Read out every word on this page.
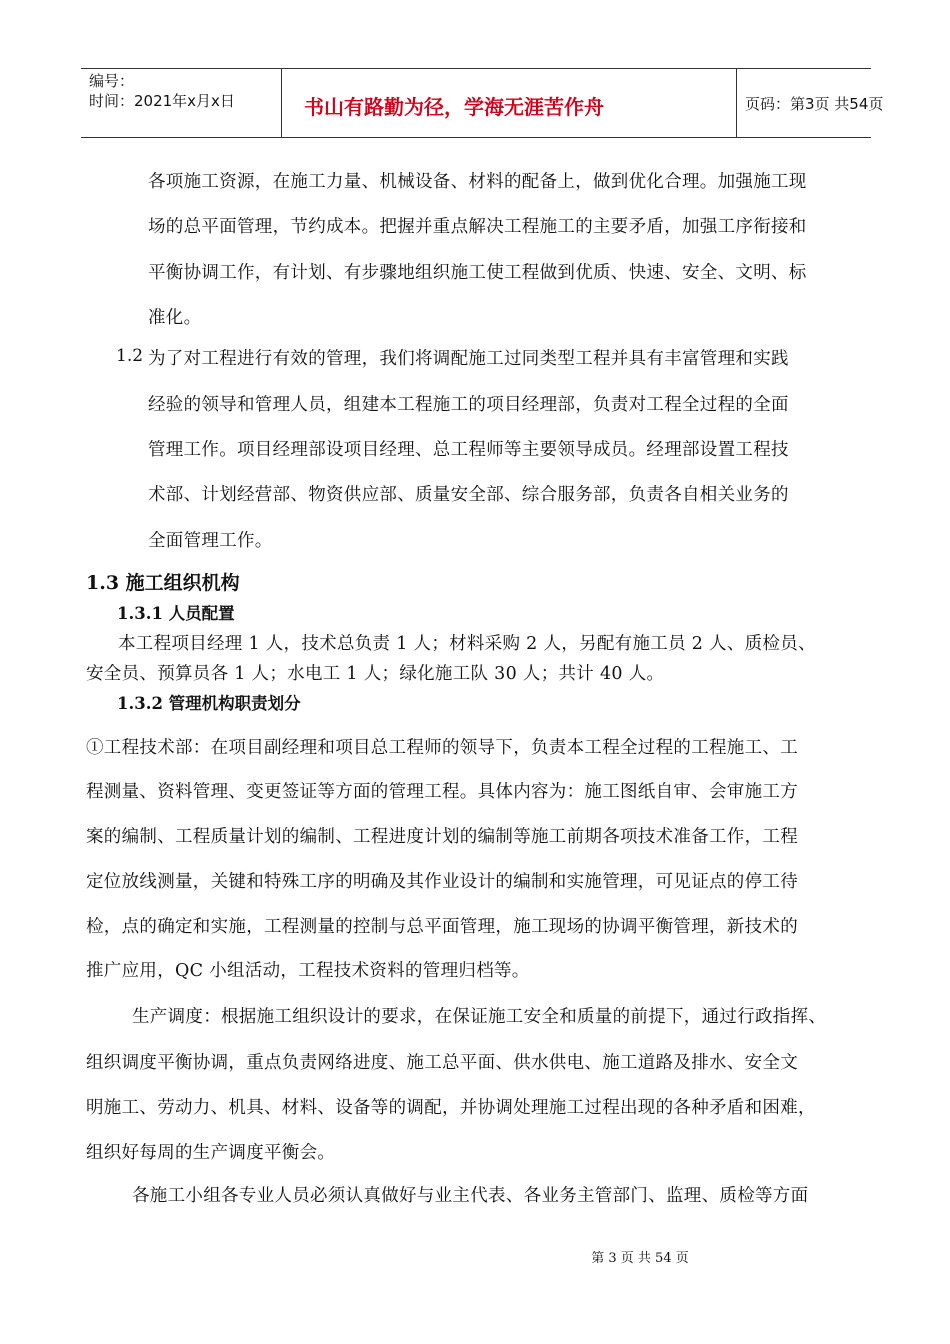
编号：
时间：2021年x月x日	书山有路勤为径，学海无涯苦作舟	页码：第3页 共54页
各项施工资源，在施工力量、机械设备、材料的配备上，做到优化合理。加强施工现
场的总平面管理，节约成本。把握并重点解决工程施工的主要矛盾，加强工序衔接和
平衡协调工作，有计划、有步骤地组织施工使工程做到优质、快速、安全、文明、标
准化。
1.2 为了对工程进行有效的管理，我们将调配施工过同类型工程并具有丰富管理和实践
经验的领导和管理人员，组建本工程施工的项目经理部，负责对工程全过程的全面
管理工作。项目经理部设项目经理、总工程师等主要领导成员。经理部设置工程技
术部、计划经营部、物资供应部、质量安全部、综合服务部，负责各自相关业务的
全面管理工作。
1.3 施工组织机构
1.3.1 人员配置
本工程项目经理 1 人，技术总负责 1 人；材料采购 2 人，另配有施工员 2 人、质检员、
安全员、预算员各 1 人；水电工 1 人；绿化施工队 30 人；共计 40 人。
1.3.2 管理机构职责划分
①工程技术部：在项目副经理和项目总工程师的领导下，负责本工程全过程的工程施工、工
程测量、资料管理、变更签证等方面的管理工程。具体内容为：施工图纸自审、会审施工方
案的编制、工程质量计划的编制、工程进度计划的编制等施工前期各项技术准备工作，工程
定位放线测量，关键和特殊工序的明确及其作业设计的编制和实施管理，可见证点的停工待
检，点的确定和实施，工程测量的控制与总平面管理，施工现场的协调平衡管理，新技术的
推广应用，QC 小组活动，工程技术资料的管理归档等。
生产调度：根据施工组织设计的要求，在保证施工安全和质量的前提下，通过行政指挥、
组织调度平衡协调，重点负责网络进度、施工总平面、供水供电、施工道路及排水、安全文
明施工、劳动力、机具、材料、设备等的调配，并协调处理施工过程出现的各种矛盾和困难，
组织好每周的生产调度平衡会。
各施工小组各专业人员必须认真做好与业主代表、各业务主管部门、监理、质检等方面
第 3 页 共 54 页
